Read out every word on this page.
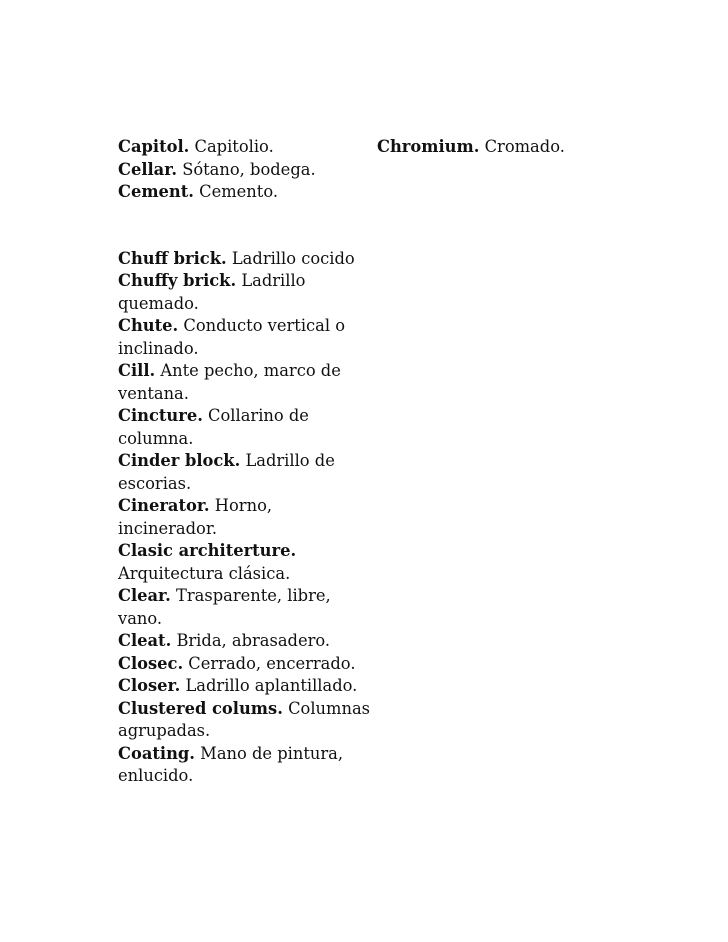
Capitol. Capitolio.

Cellar. Sótano, bodega.

Cement. Cemento.

Chuff brick. Ladrillo cocido

Chuffy brick. Ladrillo quemado.

Chute. Conducto vertical o inclinado.

Cill. Ante pecho, marco de ventana.

Cincture. Collarino de columna.

Cinder block. Ladrillo de escorias.

Cinerator. Horno, incinerador.

Clasic architerture. Arquitectura clásica.

Clear. Trasparente, libre, vano.

Cleat. Brida, abrasadero.

Closec. Cerrado, encerrado.

Closer. Ladrillo aplantillado.

Clustered colums. Columnas agrupadas.

Coating. Mano de pintura, enlucido.

Chromium. Cromado.
